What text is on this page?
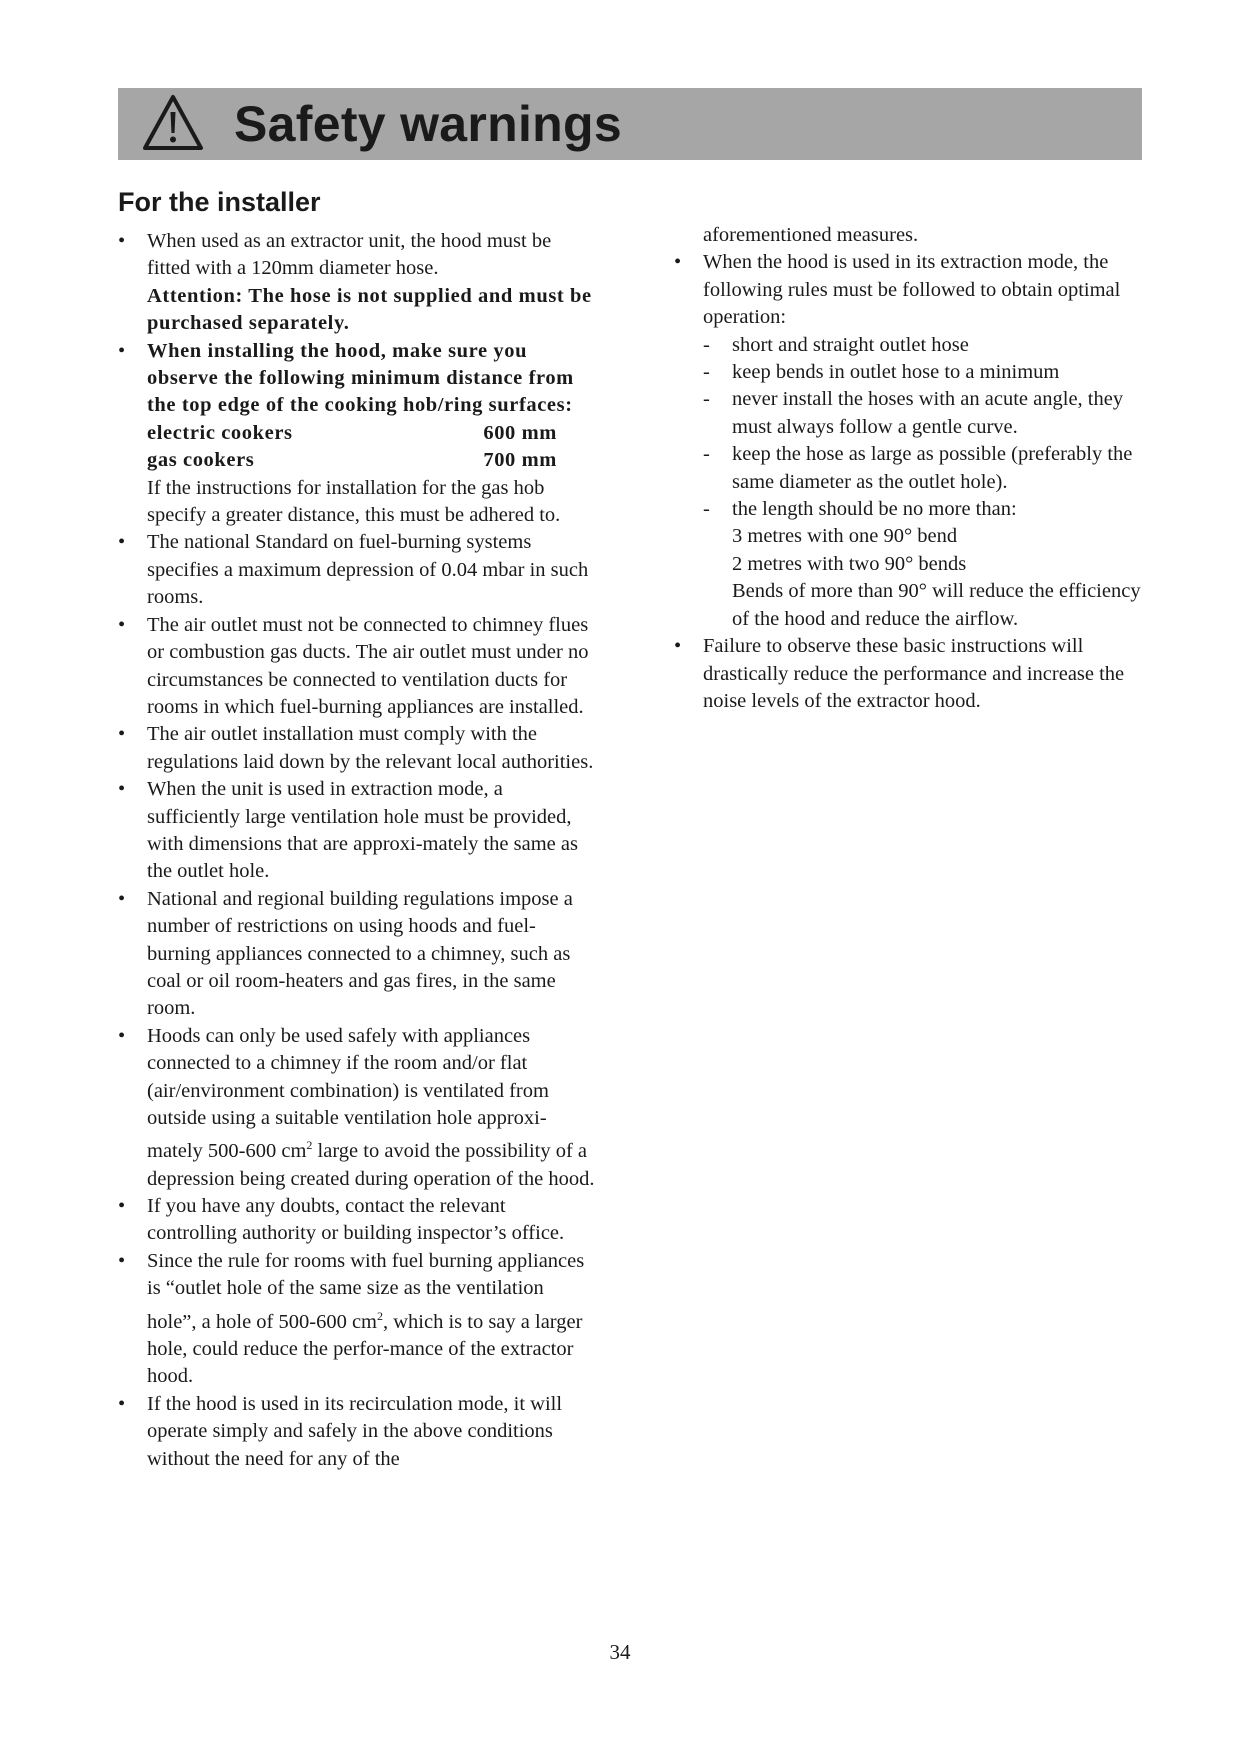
Safety warnings
For the installer
• When used as an extractor unit, the hood must be fitted with a 120mm diameter hose.
Attention: The hose is not supplied and must be purchased separately.
• When installing the hood, make sure you observe the following minimum distance from the top edge of the cooking hob/ring surfaces:
electric cookers	600 mm
gas cookers	700 mm
If the instructions for installation for the gas hob specify a greater distance, this must be adhered to.
• The national Standard on fuel-burning systems specifies a maximum depression of 0.04 mbar in such rooms.
• The air outlet must not be connected to chimney flues or combustion gas ducts. The air outlet must under no circumstances be connected to ventilation ducts for rooms in which fuel-burning appliances are installed.
• The air outlet installation must comply with the regulations laid down by the relevant local authorities.
• When the unit is used in extraction mode, a sufficiently large ventilation hole must be provided, with dimensions that are approxi-mately the same as the outlet hole.
• National and regional building regulations impose a number of restrictions on using hoods and fuel-burning appliances connected to a chimney, such as coal or oil room-heaters and gas fires, in the same room.
• Hoods can only be used safely with appliances connected to a chimney if the room and/or flat (air/environment combination) is ventilated from outside using a suitable ventilation hole approxi-mately 500-600 $cm^2$ large to avoid the possibility of a depression being created during operation of the hood.
• If you have any doubts, contact the relevant controlling authority or building inspector’s office.
• Since the rule for rooms with fuel burning appliances is “outlet hole of the same size as the ventilation hole”, a hole of 500-600 $cm^2$, which is to say a larger hole, could reduce the perfor-mance of the extractor hood.
• If the hood is used in its recirculation mode, it will operate simply and safely in the above conditions without the need for any of the
aforementioned measures.
• When the hood is used in its extraction mode, the following rules must be followed to obtain optimal operation:
- short and straight outlet hose
- keep bends in outlet hose to a minimum
- never install the hoses with an acute angle, they must always follow a gentle curve.
- keep the hose as large as possible (preferably the same diameter as the outlet hole).
- the length should be no more than:
3 metres with one 90° bend
2 metres with two 90° bends
Bends of more than 90° will reduce the efficiency of the hood and reduce the airflow.
• Failure to observe these basic instructions will drastically reduce the performance and increase the noise levels of the extractor hood.
34
